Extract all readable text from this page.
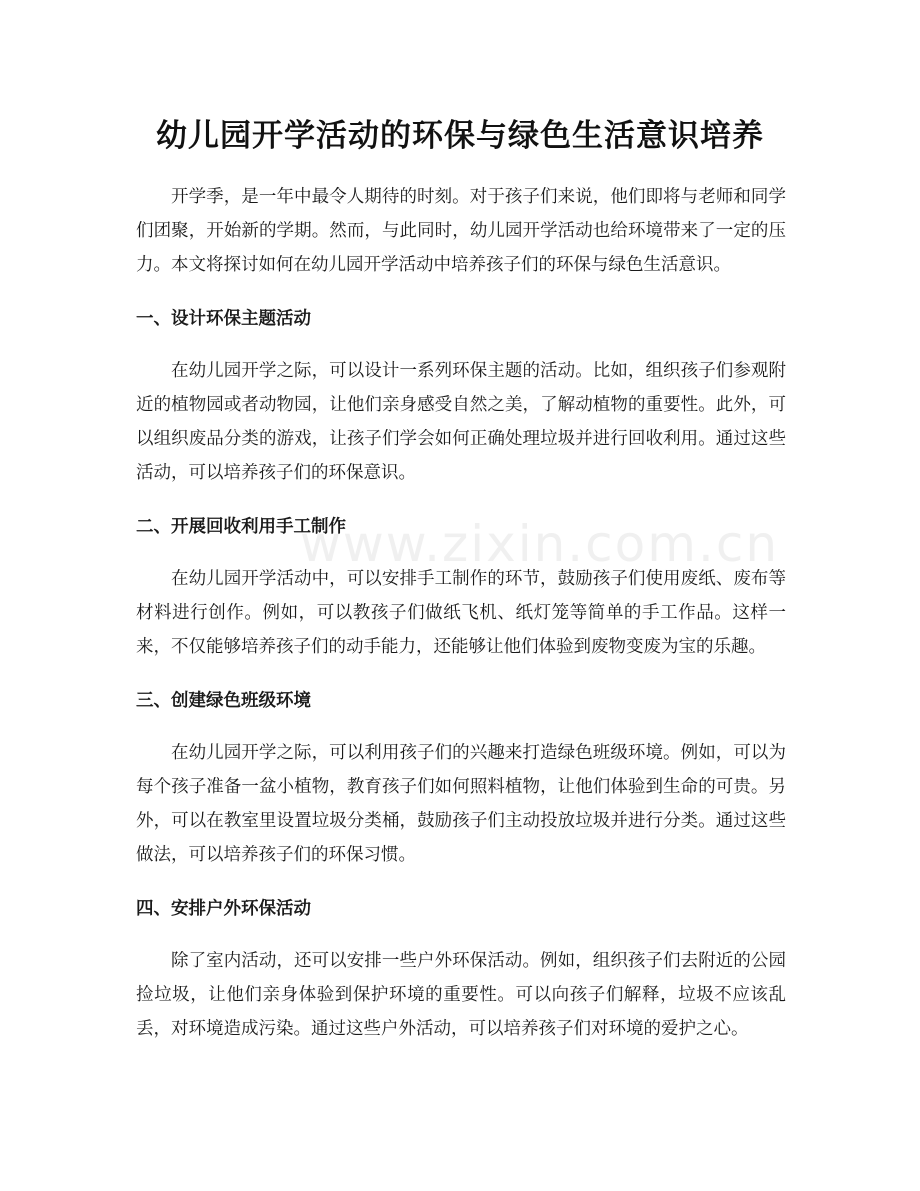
幼儿园开学活动的环保与绿色生活意识培养

开学季，是一年中最令人期待的时刻。对于孩子们来说，他们即将与老师和同学们团聚，开始新的学期。然而，与此同时，幼儿园开学活动也给环境带来了一定的压力。本文将探讨如何在幼儿园开学活动中培养孩子们的环保与绿色生活意识。

一、设计环保主题活动

在幼儿园开学之际，可以设计一系列环保主题的活动。比如，组织孩子们参观附近的植物园或者动物园，让他们亲身感受自然之美，了解动植物的重要性。此外，可以组织废品分类的游戏，让孩子们学会如何正确处理垃圾并进行回收利用。通过这些活动，可以培养孩子们的环保意识。

二、开展回收利用手工制作

在幼儿园开学活动中，可以安排手工制作的环节，鼓励孩子们使用废纸、废布等材料进行创作。例如，可以教孩子们做纸飞机、纸灯笼等简单的手工作品。这样一来，不仅能够培养孩子们的动手能力，还能够让他们体验到废物变废为宝的乐趣。

三、创建绿色班级环境

在幼儿园开学之际，可以利用孩子们的兴趣来打造绿色班级环境。例如，可以为每个孩子准备一盆小植物，教育孩子们如何照料植物，让他们体验到生命的可贵。另外，可以在教室里设置垃圾分类桶，鼓励孩子们主动投放垃圾并进行分类。通过这些做法，可以培养孩子们的环保习惯。

四、安排户外环保活动

除了室内活动，还可以安排一些户外环保活动。例如，组织孩子们去附近的公园捡垃圾，让他们亲身体验到保护环境的重要性。可以向孩子们解释，垃圾不应该乱丢，对环境造成污染。通过这些户外活动，可以培养孩子们对环境的爱护之心。

www.zixin.com.cn
